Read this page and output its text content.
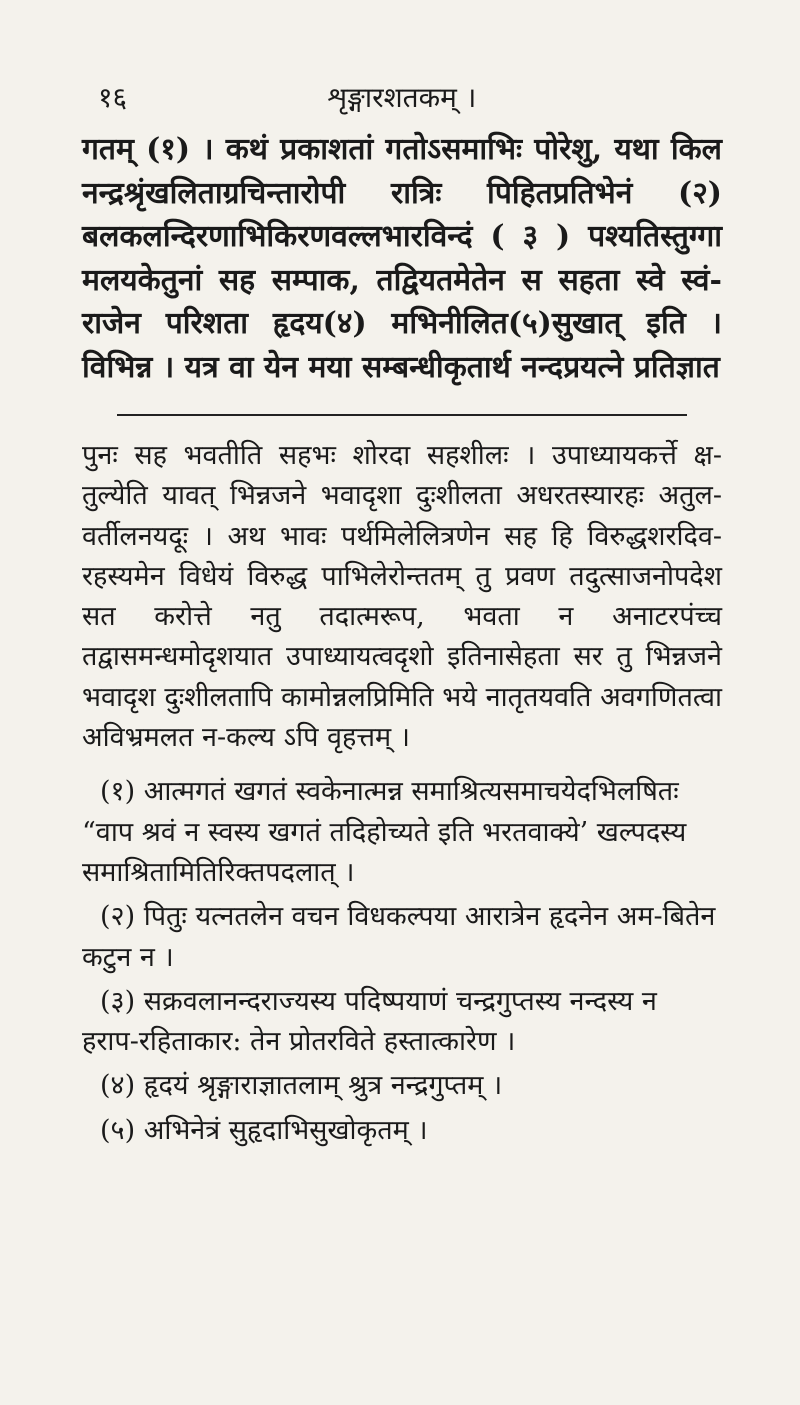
१६	शृङ्गारशतकम् ।

गतम् (१) । कथं प्रकाशतां गतोऽसमाभिः पोरेशु, यथा किल नन्द्रश्रृंखलिताग्रचिन्तारोपी रात्रिः पिहितप्रतिभेनं (२) बलकलन्दिरणाभिकिरणवल्लभारविन्दं ( ३ ) पश्यतिस्तुग्गा मलयकेतुनां सह सम्पाक, तद्वियतमेतेन स सहता स्वे स्वं-राजेन परिशता हृदय(४) मभिनीलित(५)सुखात् इति । विभिन्न । यत्र वा येन मया सम्बन्धीकृतार्थ नन्दप्रयत्ने प्रतिज्ञात

पुनः सह भवतीति सहभः शोरदा सहशीलः । उपाध्यायकर्त्ते क्ष-तुल्येति यावत् भिन्नजने भवादृशा दुःशीलता अधरतस्यारहः अतुल-वर्तीलनयदूः । अथ भावः पर्थमिलेलित्रणेन सह हि विरुद्धशरदिव-रहस्यमेन विधेयं विरुद्ध पाभिलेरोन्ततम् तु प्रवण तदुत्साजनोपदेश सत करोत्ते नतु तदात्मरूप, भवता न अनाटरपंच्च तद्वासमन्धमोदृशयात उपाध्यायत्वदृशो इतिनासेहता सर तु भिन्नजने भवादृश दुःशीलतापि कामोन्नलप्रिमिति भये नातृतयवति अवगणितत्वा अविभ्रमलत न-कल्य ऽपि वृहत्तम् ।

(१) आत्मगतं खगतं स्वकेनात्मन्न समाश्रित्यसमाचयेदभिलषितः “वाप श्रवं न स्वस्य खगतं तदिहोच्यते इति भरतवाक्ये’ खल्पदस्य समाश्रितामितिरिक्तपदलात् ।

(२) पितुः यत्नतलेन वचन विधकल्पया आरात्रेन हृदनेन अम-बितेन कटुन न ।

(३) सक्रवलानन्दराज्यस्य पदिष्पयाणं चन्द्रगुप्तस्य नन्दस्य न हराप-रहिताकार: तेन प्रोतरविते हस्तात्कारेण ।

(४) हृदयं श्रृङ्गाराज्ञातलाम् श्रुत्र नन्द्रगुप्तम् ।

(५) अभिनेत्रं सुहृदाभिसुखोकृतम् ।
